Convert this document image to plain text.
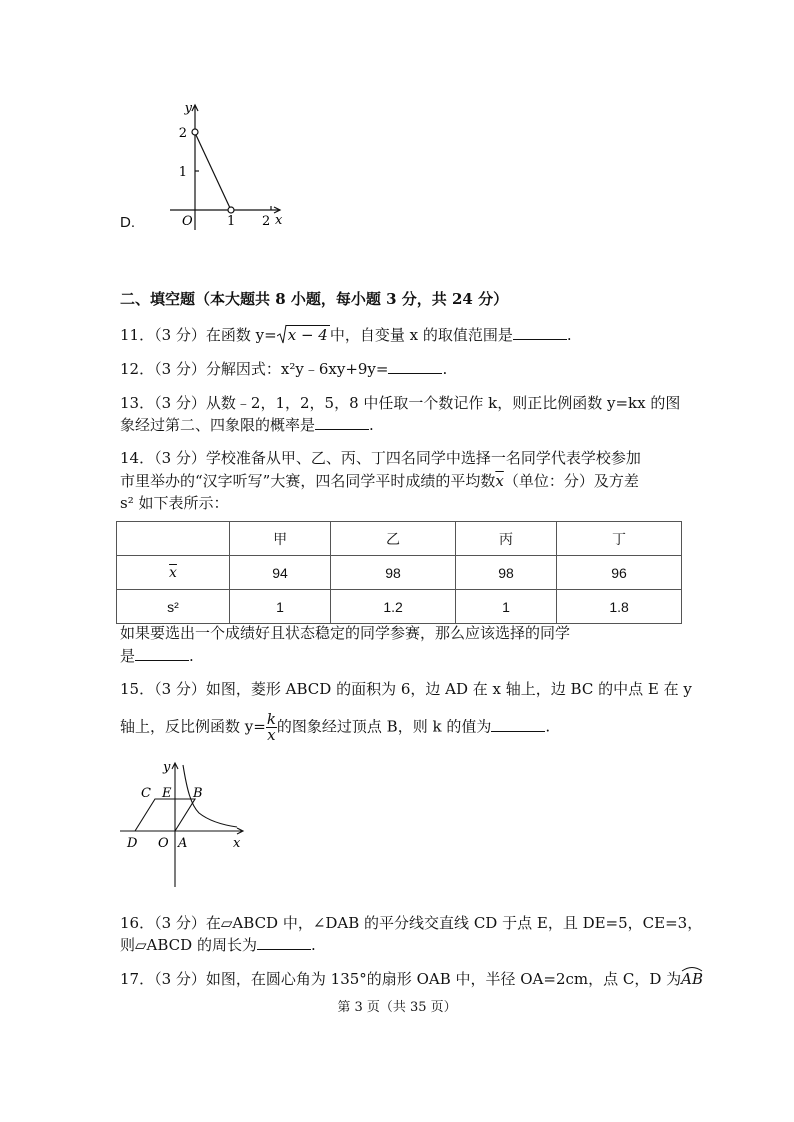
y
2
1
O	1 2 x
D.
二、填空题（本大题共 8 小题，每小题 3 分，共 24 分）
11．（3 分）在函数 y= x − 4 中，自变量 x 的取值范围是	.
12．（3 分）分解因式：x²y﹣6xy+9y=	.
13．（3 分）从数﹣2，1，2，5，8 中任取一个数记作 k，则正比例函数 y=kx 的图
象经过第二、四象限的概率是	.
14．（3 分）学校准备从甲、乙、丙、丁四名同学中选择一名同学代表学校参加
市里举办的“汉字听写”大赛，四名同学平时成绩的平均数$\overline{x}$（单位：分）及方差
s² 如下表所示：
	甲	乙	丙	丁
$\overline{x}$	94	98	98	96
s²	1	1.2	1	1.8
如果要选出一个成绩好且状态稳定的同学参赛，那么应该选择的同学
是	.
15．（3 分）如图，菱形 ABCD 的面积为 6，边 AD 在 x 轴上，边 BC 的中点 E 在 y
轴上，反比例函数 $y= \frac{k}{x}$ 的图象经过顶点 B，则 k 的值为	.
C E B
D O A	x
y
16．（3 分）在▱ABCD 中，∠DAB 的平分线交直线 CD 于点 E，且 DE=5，CE=3，
则▱ABCD 的周长为	.
17．（3 分）如图，在圆心角为 135°的扇形 OAB 中，半径 OA=2cm，点 C，D 为
AB
第 3 页（共 35 页）
